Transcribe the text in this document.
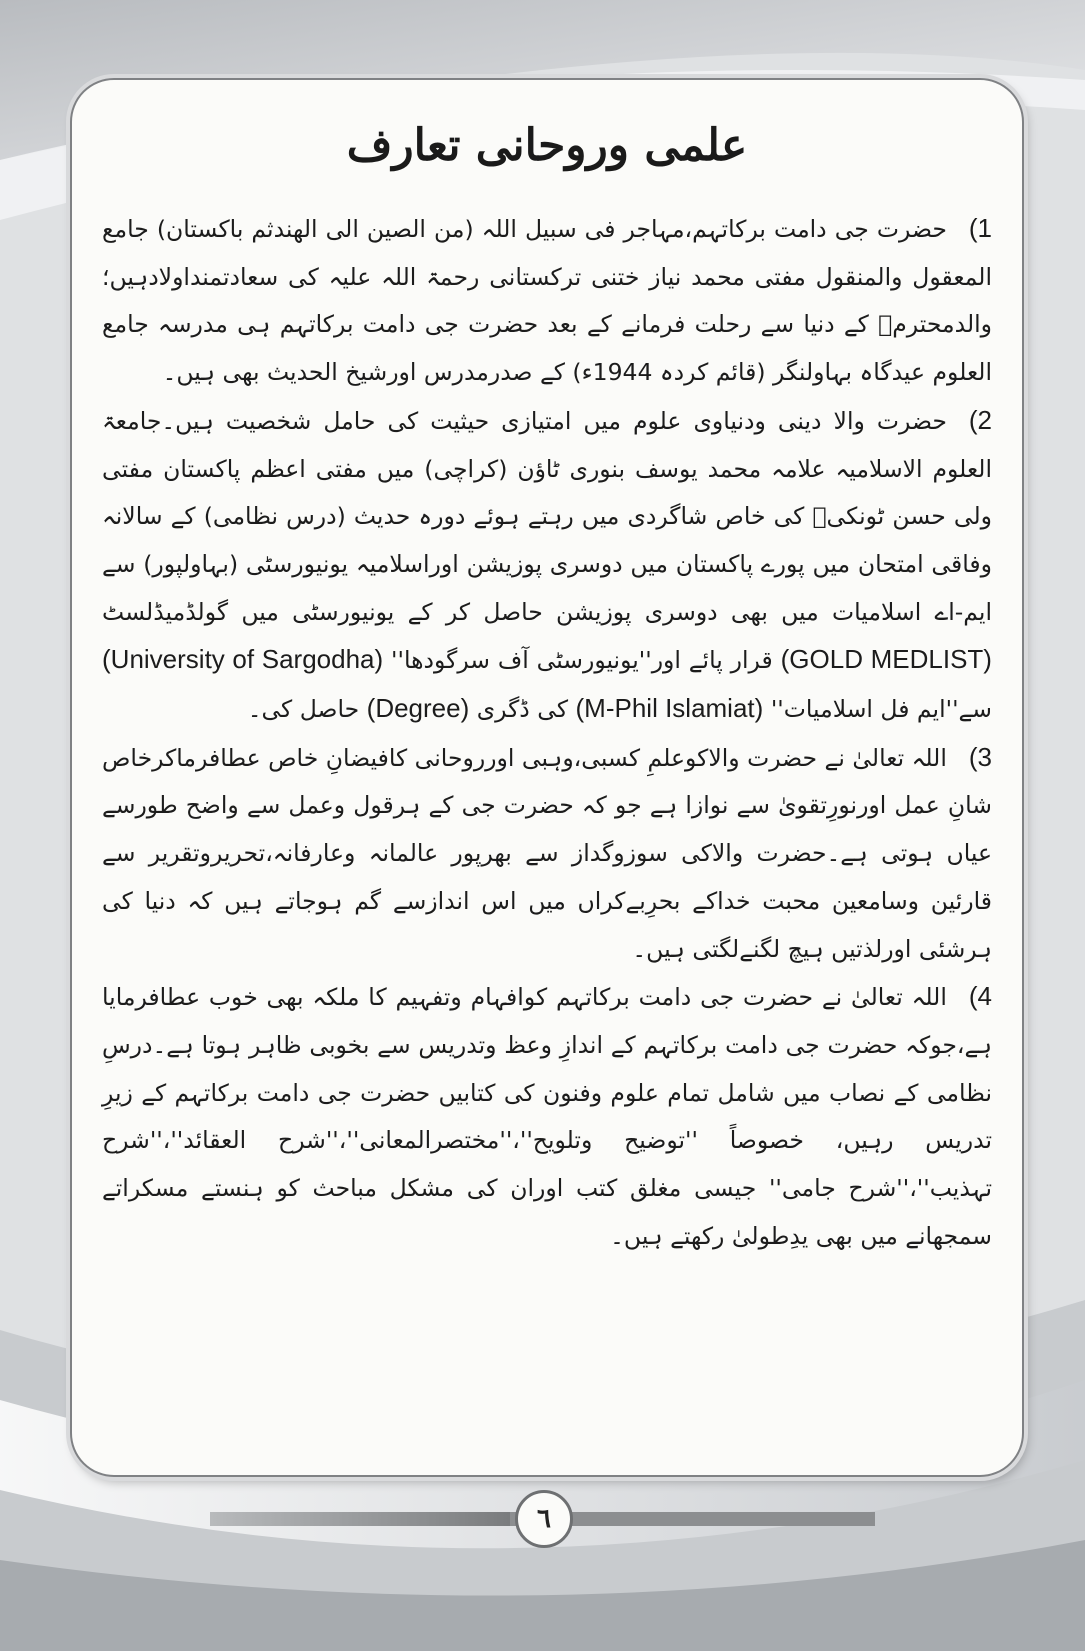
علمی وروحانی تعارف

1)حضرت جی دامت برکاتہم،مہاجر فی سبیل اللہ (من الصین الی الھندثم باکستان) جامع المعقول والمنقول مفتی محمد نیاز ختنی ترکستانی رحمۃ اللہ علیہ کی سعادتمنداولادہیں؛والدمحترمؒ کے دنیا سے رحلت فرمانے کے بعد حضرت جی دامت برکاتہم ہی مدرسہ جامع العلوم عیدگاہ بہاولنگر (قائم کردہ 1944ء) کے صدرمدرس اورشیخ الحدیث بھی ہیں۔

2)حضرت والا دینی ودنیاوی علوم میں امتیازی حیثیت کی حامل شخصیت ہیں۔جامعۃ العلوم الاسلامیہ علامہ محمد یوسف بنوری ٹاؤن (کراچی) میں مفتی اعظم پاکستان مفتی ولی حسن ٹونکیؒ کی خاص شاگردی میں رہتے ہوئے دورہ حدیث (درس نظامی) کے سالانہ وفاقی امتحان میں پورے پاکستان میں دوسری پوزیشن اوراسلامیہ یونیورسٹی (بہاولپور) سے ایم-اے اسلامیات میں بھی دوسری پوزیشن حاصل کر کے یونیورسٹی میں گولڈمیڈلسٹ (GOLD MEDLIST) قرار پائے اور''یونیورسٹی آف سرگودھا'' (University of Sargodha) سے''ایم فل اسلامیات'' (M-Phil Islamiat) کی ڈگری (Degree) حاصل کی۔

3)اللہ تعالیٰ نے حضرت والاکوعلمِ کسبی،وہبی اورروحانی کافیضانِ خاص عطافرماکرخاص شانِ عمل اورنورِتقویٰ سے نوازا ہے جو کہ حضرت جی کے ہرقول وعمل سے واضح طورسے عیاں ہوتی ہے۔حضرت والاکی سوزوگداز سے بھرپور عالمانہ وعارفانہ،تحریروتقریر سے قارئین وسامعین محبت خداکے بحرِبےکراں میں اس اندازسے گم ہوجاتے ہیں کہ دنیا کی ہرشئی اورلذتیں ہیچ لگنےلگتی ہیں۔

4)اللہ تعالیٰ نے حضرت جی دامت برکاتہم کوافہام وتفہیم کا ملکہ بھی خوب عطافرمایا ہے،جوکہ حضرت جی دامت برکاتہم کے اندازِ وعظ وتدریس سے بخوبی ظاہر ہوتا ہے۔درسِ نظامی کے نصاب میں شامل تمام علوم وفنون کی کتابیں حضرت جی دامت برکاتہم کے زیرِ تدریس رہیں، خصوصاً ''توضیح وتلویح''،''مختصرالمعانی''،''شرح العقائد''،''شرح تہذیب''،''شرح جامی'' جیسی مغلق کتب اوران کی مشکل مباحث کو ہنستے مسکراتے سمجھانے میں بھی یدِطولیٰ رکھتے ہیں۔

٦
